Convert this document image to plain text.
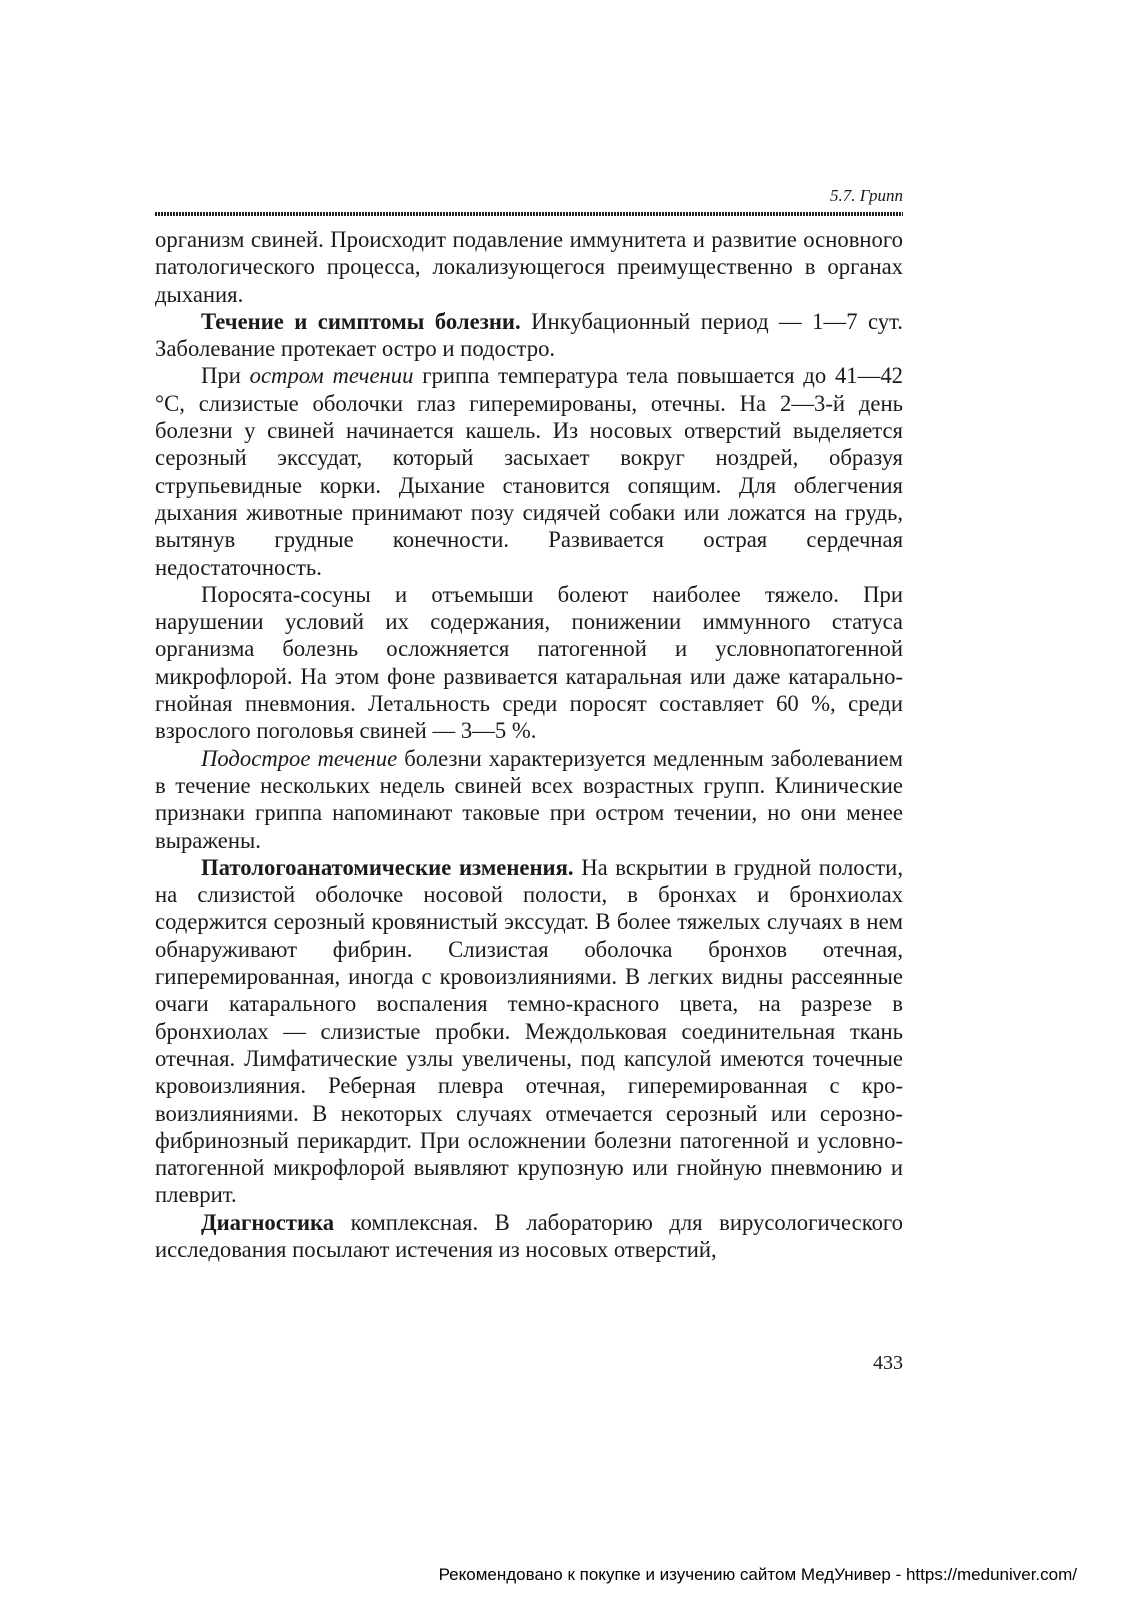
5.7. Грипп

организм свиней. Происходит подавление иммунитета и развитие основного патологического процесса, локализующегося преимущественно в органах дыхания.

Течение и симптомы болезни. Инкубационный период — 1—7 сут. Заболевание протекает остро и подостро.

При остром течении гриппа температура тела повышается до 41—42 °С, слизистые оболочки глаз гиперемированы, отечны. На 2—3-й день болезни у свиней начинается кашель. Из носовых отверстий выделяется серозный экссудат, который засыхает вокруг ноздрей, образуя струпьевидные корки. Дыхание становится сопящим. Для облегчения дыхания животные принимают позу сидячей собаки или ложатся на грудь, вытянув грудные конечности. Развивается острая сердечная недостаточность.

Поросята-сосуны и отъемыши болеют наиболее тяжело. При нарушении условий их содержания, понижении иммунного статуса организма болезнь осложняется патогенной и условнопатогенной микрофлорой. На этом фоне развивается катаральная или даже катарально-гнойная пневмония. Летальность среди поросят составляет 60 %, среди взрослого поголовья свиней — 3—5 %.

Подострое течение болезни характеризуется медленным заболеванием в течение нескольких недель свиней всех возрастных групп. Клинические признаки гриппа напоминают таковые при остром течении, но они менее выражены.

Патологоанатомические изменения. На вскрытии в грудной полости, на слизистой оболочке носовой полости, в бронхах и бронхиолах содержится серозный кровянистый экссудат. В более тяжелых случаях в нем обнаруживают фибрин. Слизистая оболочка бронхов отечная, гиперемированная, иногда с кровоизлияниями. В легких видны рассеянные очаги катарального воспаления темно-красного цвета, на разрезе в бронхиолах — слизистые пробки. Междольковая соединительная ткань отечная. Лимфатические узлы увеличены, под капсулой имеются точечные кровоизлияния. Реберная плевра отечная, гиперемированная с кровоизлияниями. В некоторых случаях отмечается серозный или серозно-фибринозный перикардит. При осложнении болезни патогенной и условно-патогенной микрофлорой выявляют крупозную или гнойную пневмонию и плеврит.

Диагностика комплексная. В лабораторию для вирусологического исследования посылают истечения из носовых отверстий,

433
Рекомендовано к покупке и изучению сайтом МедУнивер - https://meduniver.com/
